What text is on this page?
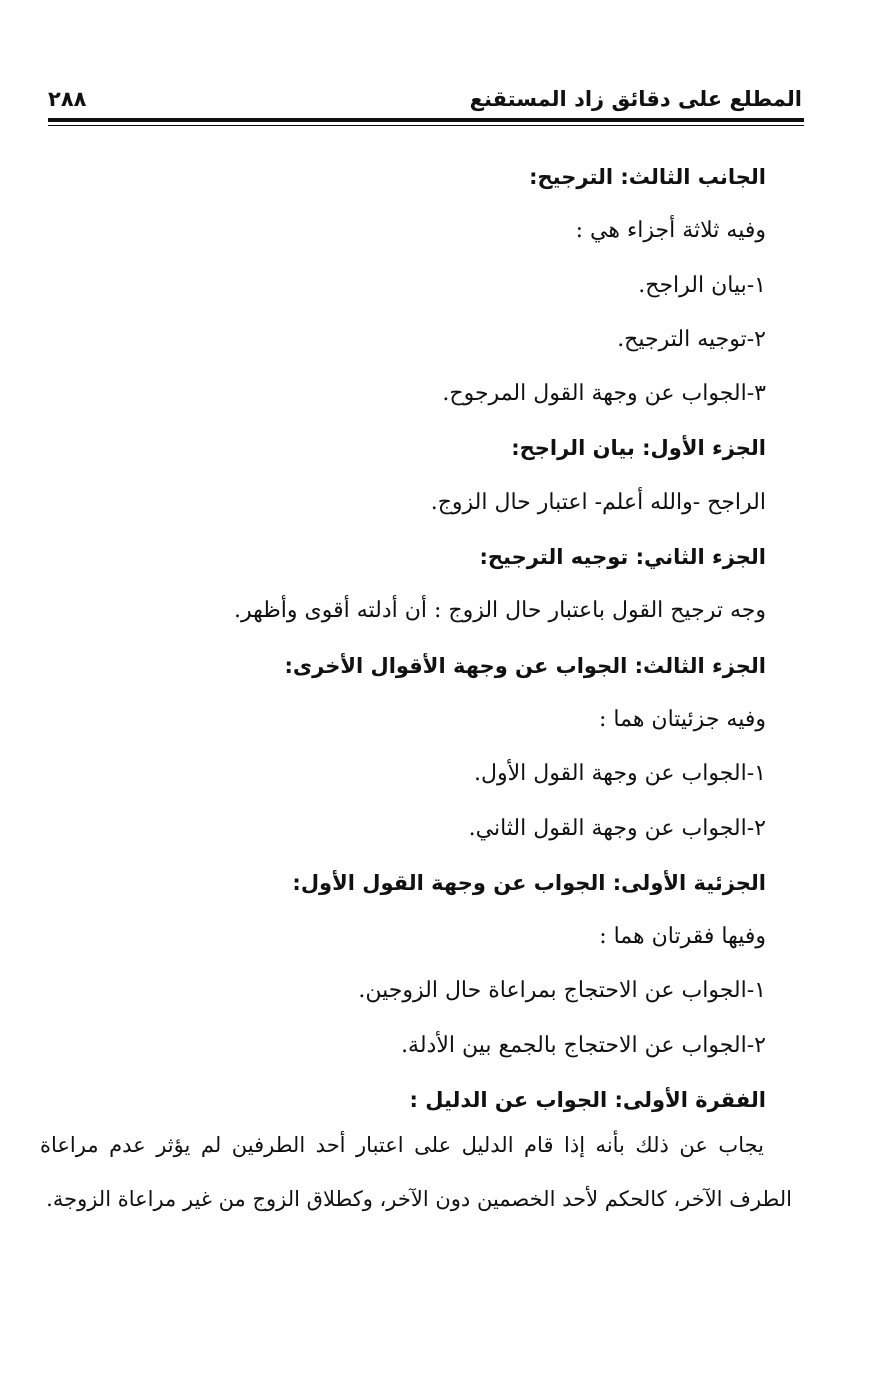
المطلع على دقائق زاد المستقنع
٢٨٨
الجانب الثالث: الترجيح:
وفيه ثلاثة أجزاء هي :
١-بيان الراجح.
٢-توجيه الترجيح.
٣-الجواب عن وجهة القول المرجوح.
الجزء الأول: بيان الراجح:
الراجح -والله أعلم- اعتبار حال الزوج.
الجزء الثاني: توجيه الترجيح:
وجه ترجيح القول باعتبار حال الزوج : أن أدلته أقوى وأظهر.
الجزء الثالث: الجواب عن وجهة الأقوال الأخرى:
وفيه جزئيتان هما :
١-الجواب عن وجهة القول الأول.
٢-الجواب عن وجهة القول الثاني.
الجزئية الأولى: الجواب عن وجهة القول الأول:
وفيها فقرتان هما :
١-الجواب عن الاحتجاج بمراعاة حال الزوجين.
٢-الجواب عن الاحتجاج بالجمع بين الأدلة.
الفقرة الأولى: الجواب عن الدليل :
يجاب عن ذلك بأنه إذا قام الدليل على اعتبار أحد الطرفين لم يؤثر عدم مراعاة الطرف الآخر، كالحكم لأحد الخصمين دون الآخر، وكطلاق الزوج من غير مراعاة الزوجة.
